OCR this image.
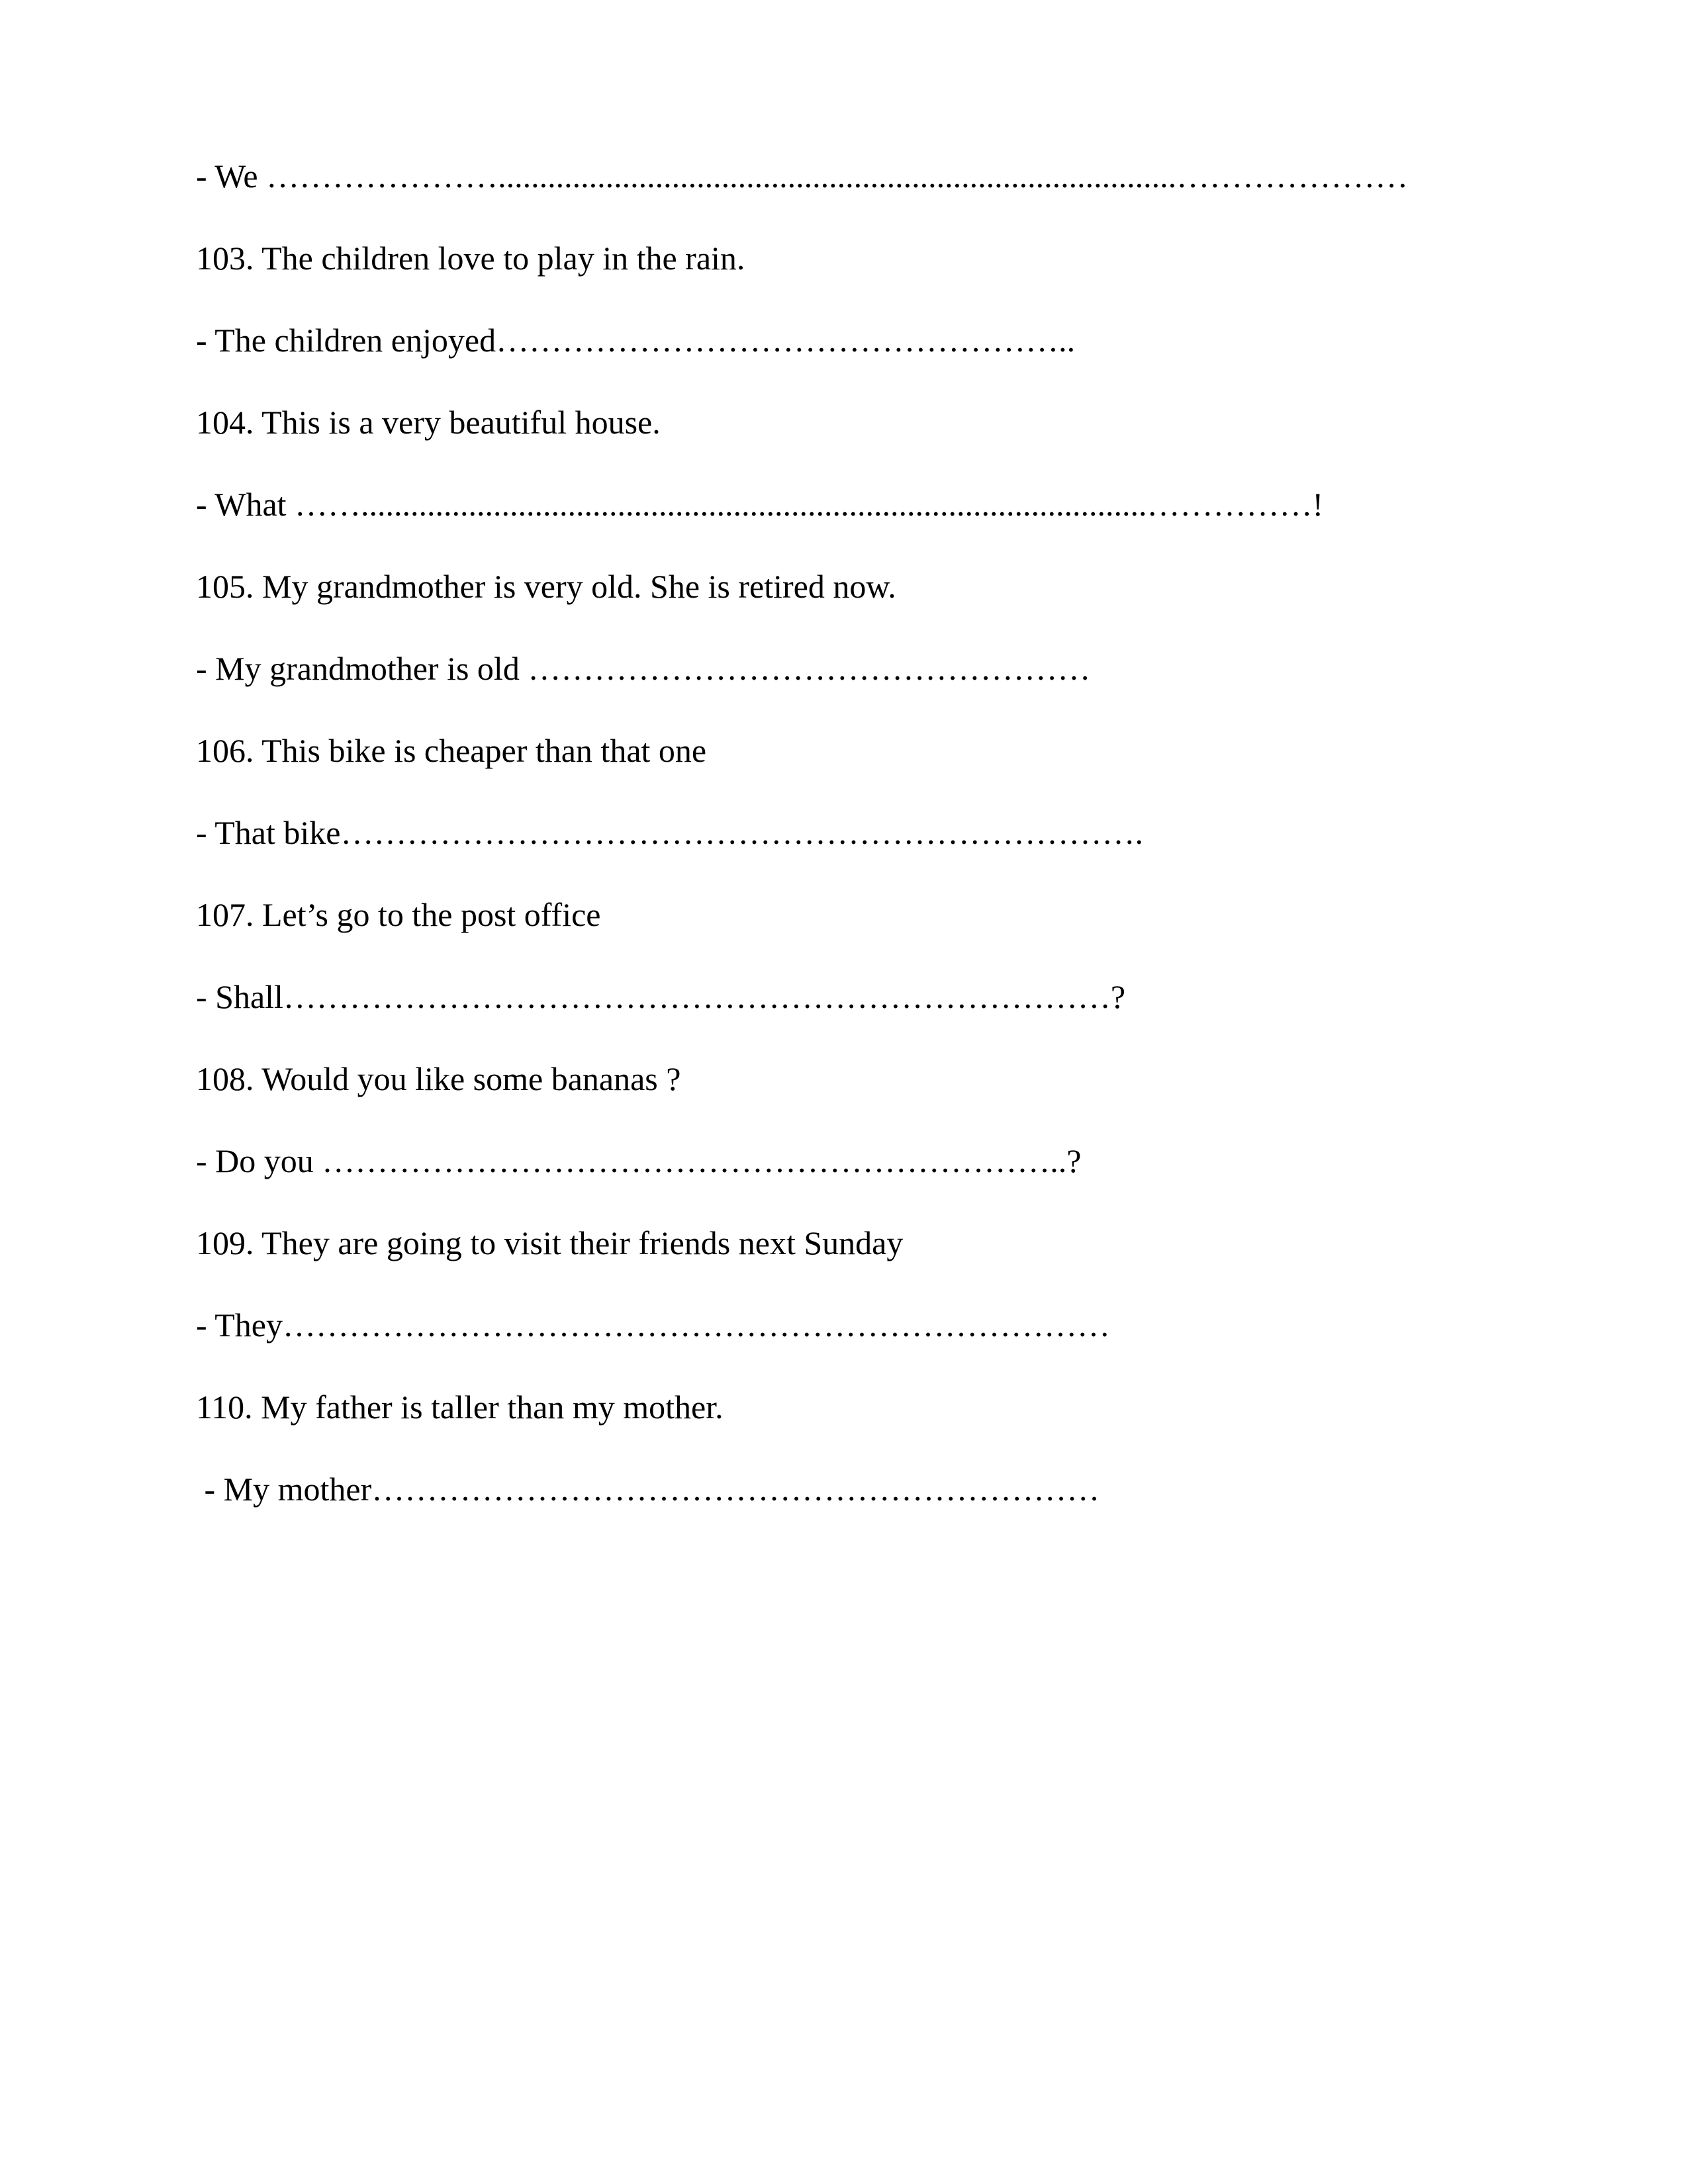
- We …………………..................................................................................…………………
103. The children love to play in the rain.
- The children enjoyed……………………………………………..
104. This is a very beautiful house.
- What ……...............................................................................................……………!
105. My grandmother is very old. She is retired now.
- My grandmother is old ……………………………………………
106. This bike is cheaper than that one
- That bike……………………………………………………………….
107. Let’s go to the post office
- Shall…………………………………………………………………?
108. Would you like some bananas ?
- Do you …………………………………………………………..?
109. They are going to visit their friends next Sunday
- They…………………………………………………………………
110. My father is taller than my mother.
- My mother…………………………………………………………
